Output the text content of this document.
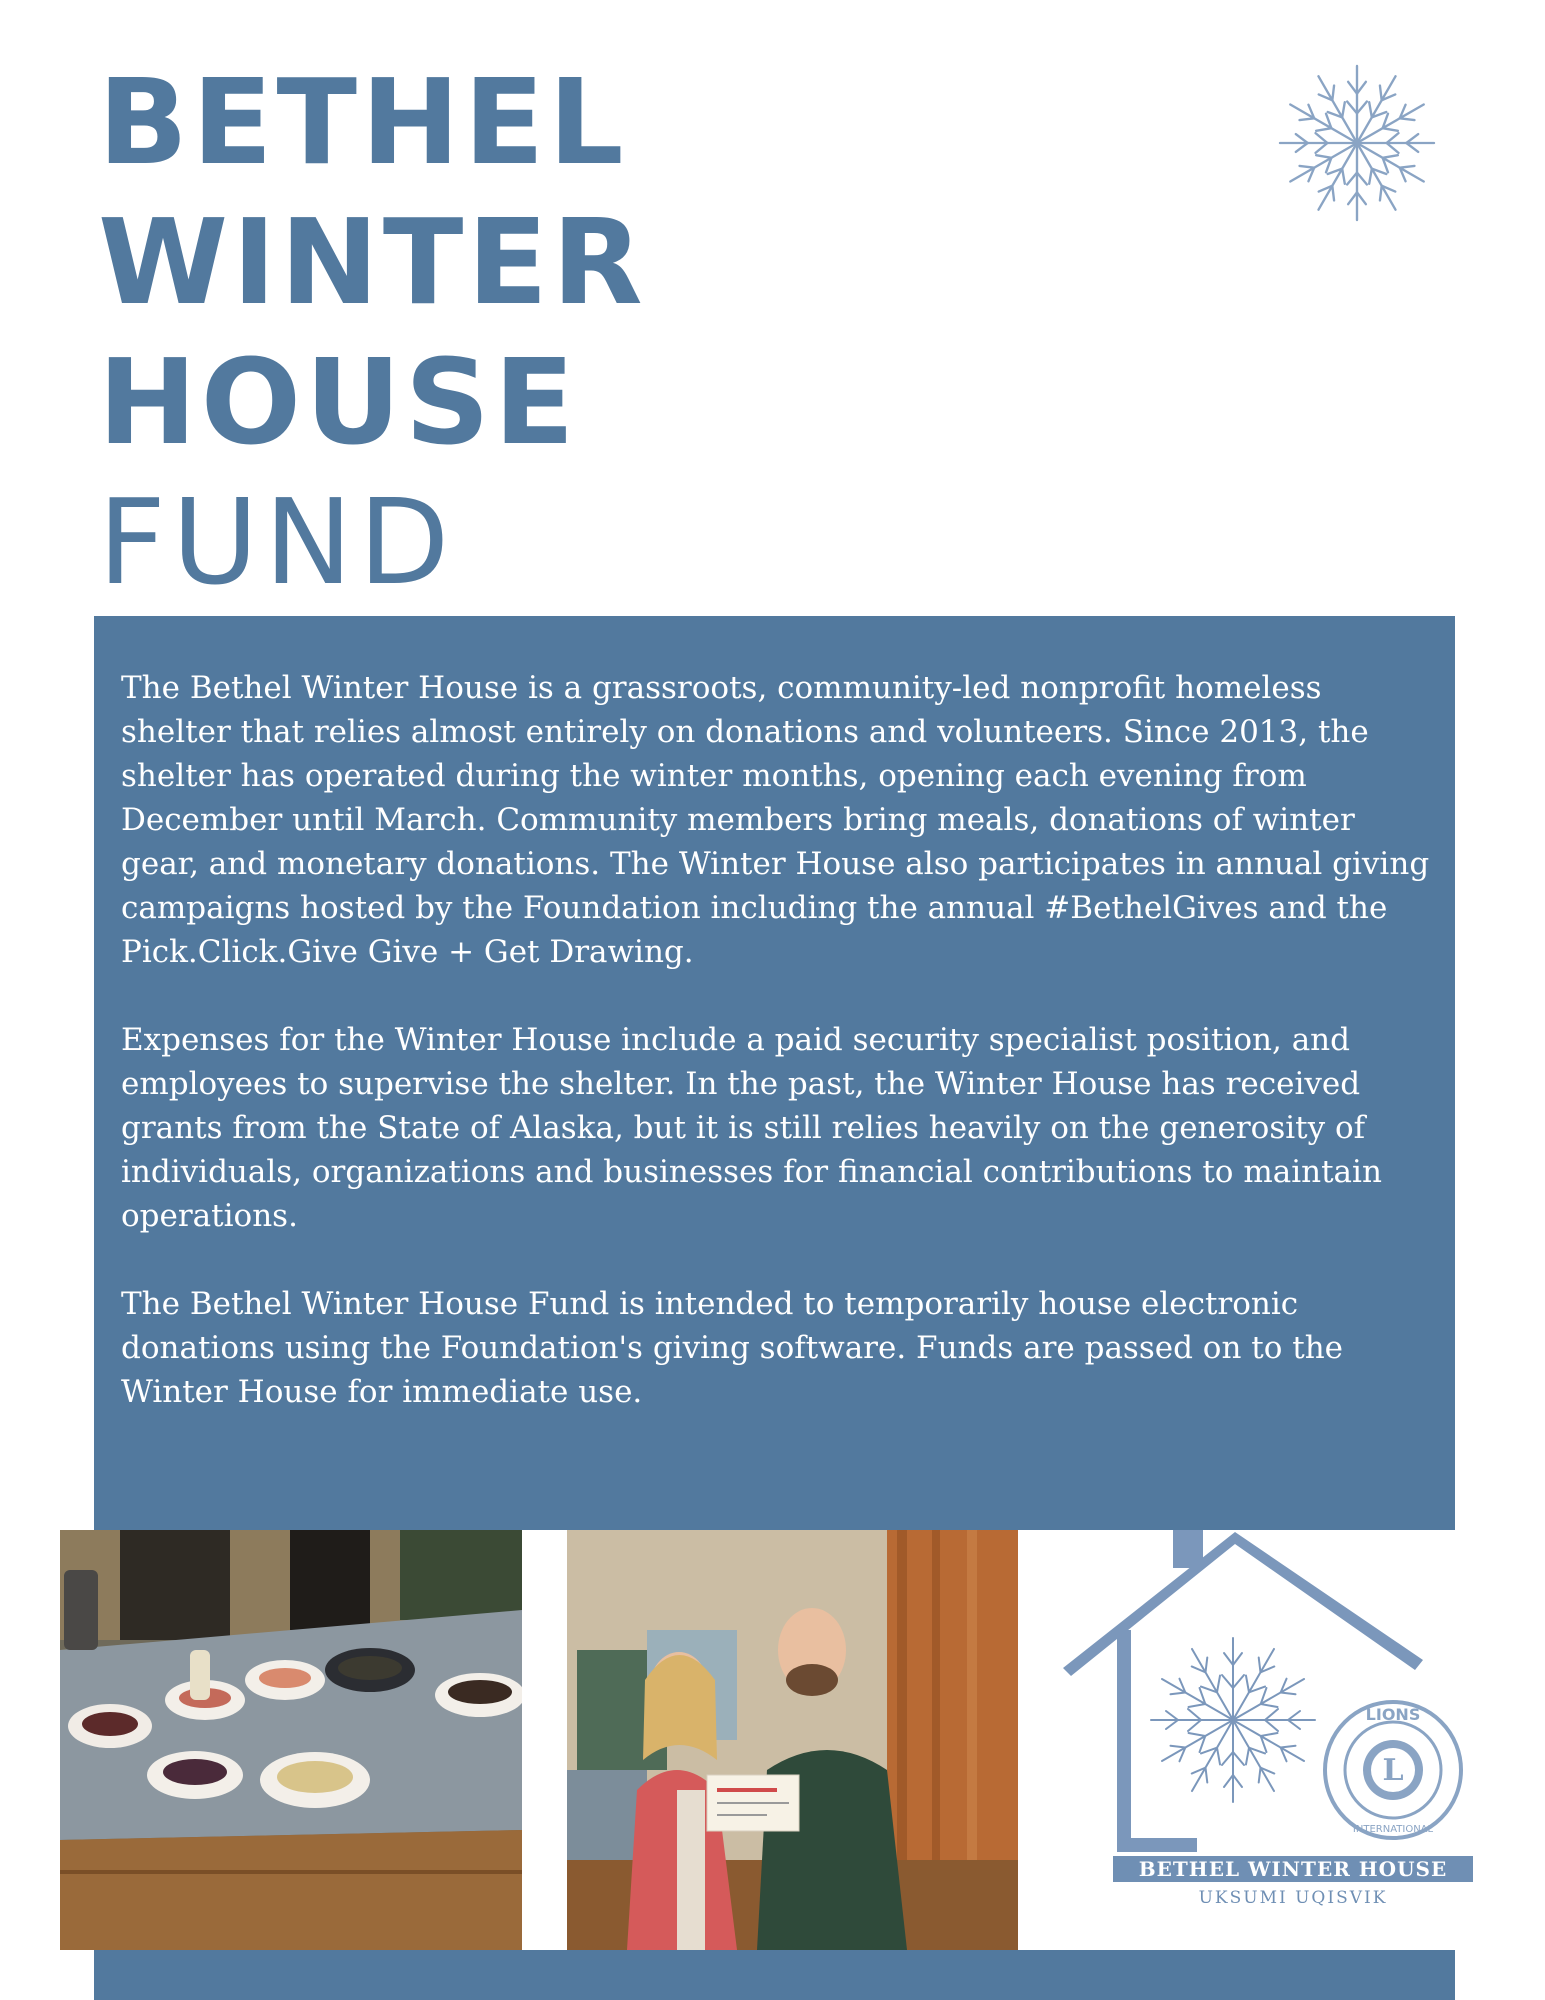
BETHEL
WINTER
HOUSE
FUND

The Bethel Winter House is a grassroots, community-led nonprofit homeless shelter that relies almost entirely on donations and volunteers. Since 2013, the shelter has operated during the winter months, opening each evening from December until March. Community members bring meals, donations of winter gear, and monetary donations. The Winter House also participates in annual giving campaigns hosted by the Foundation including the annual #BethelGives and the Pick.Click.Give Give + Get Drawing.

Expenses for the Winter House include a paid security specialist position, and employees to supervise the shelter. In the past, the Winter House has received grants from the State of Alaska, but it is still relies heavily on the generosity of individuals, organizations and businesses for financial contributions to maintain operations.

The Bethel Winter House Fund is intended to temporarily house electronic donations using the Foundation's giving software. Funds are passed on to the Winter House for immediate use.

L
LIONS
INTERNATIONAL
BETHEL WINTER HOUSE
UKSUMI UQISVIK
